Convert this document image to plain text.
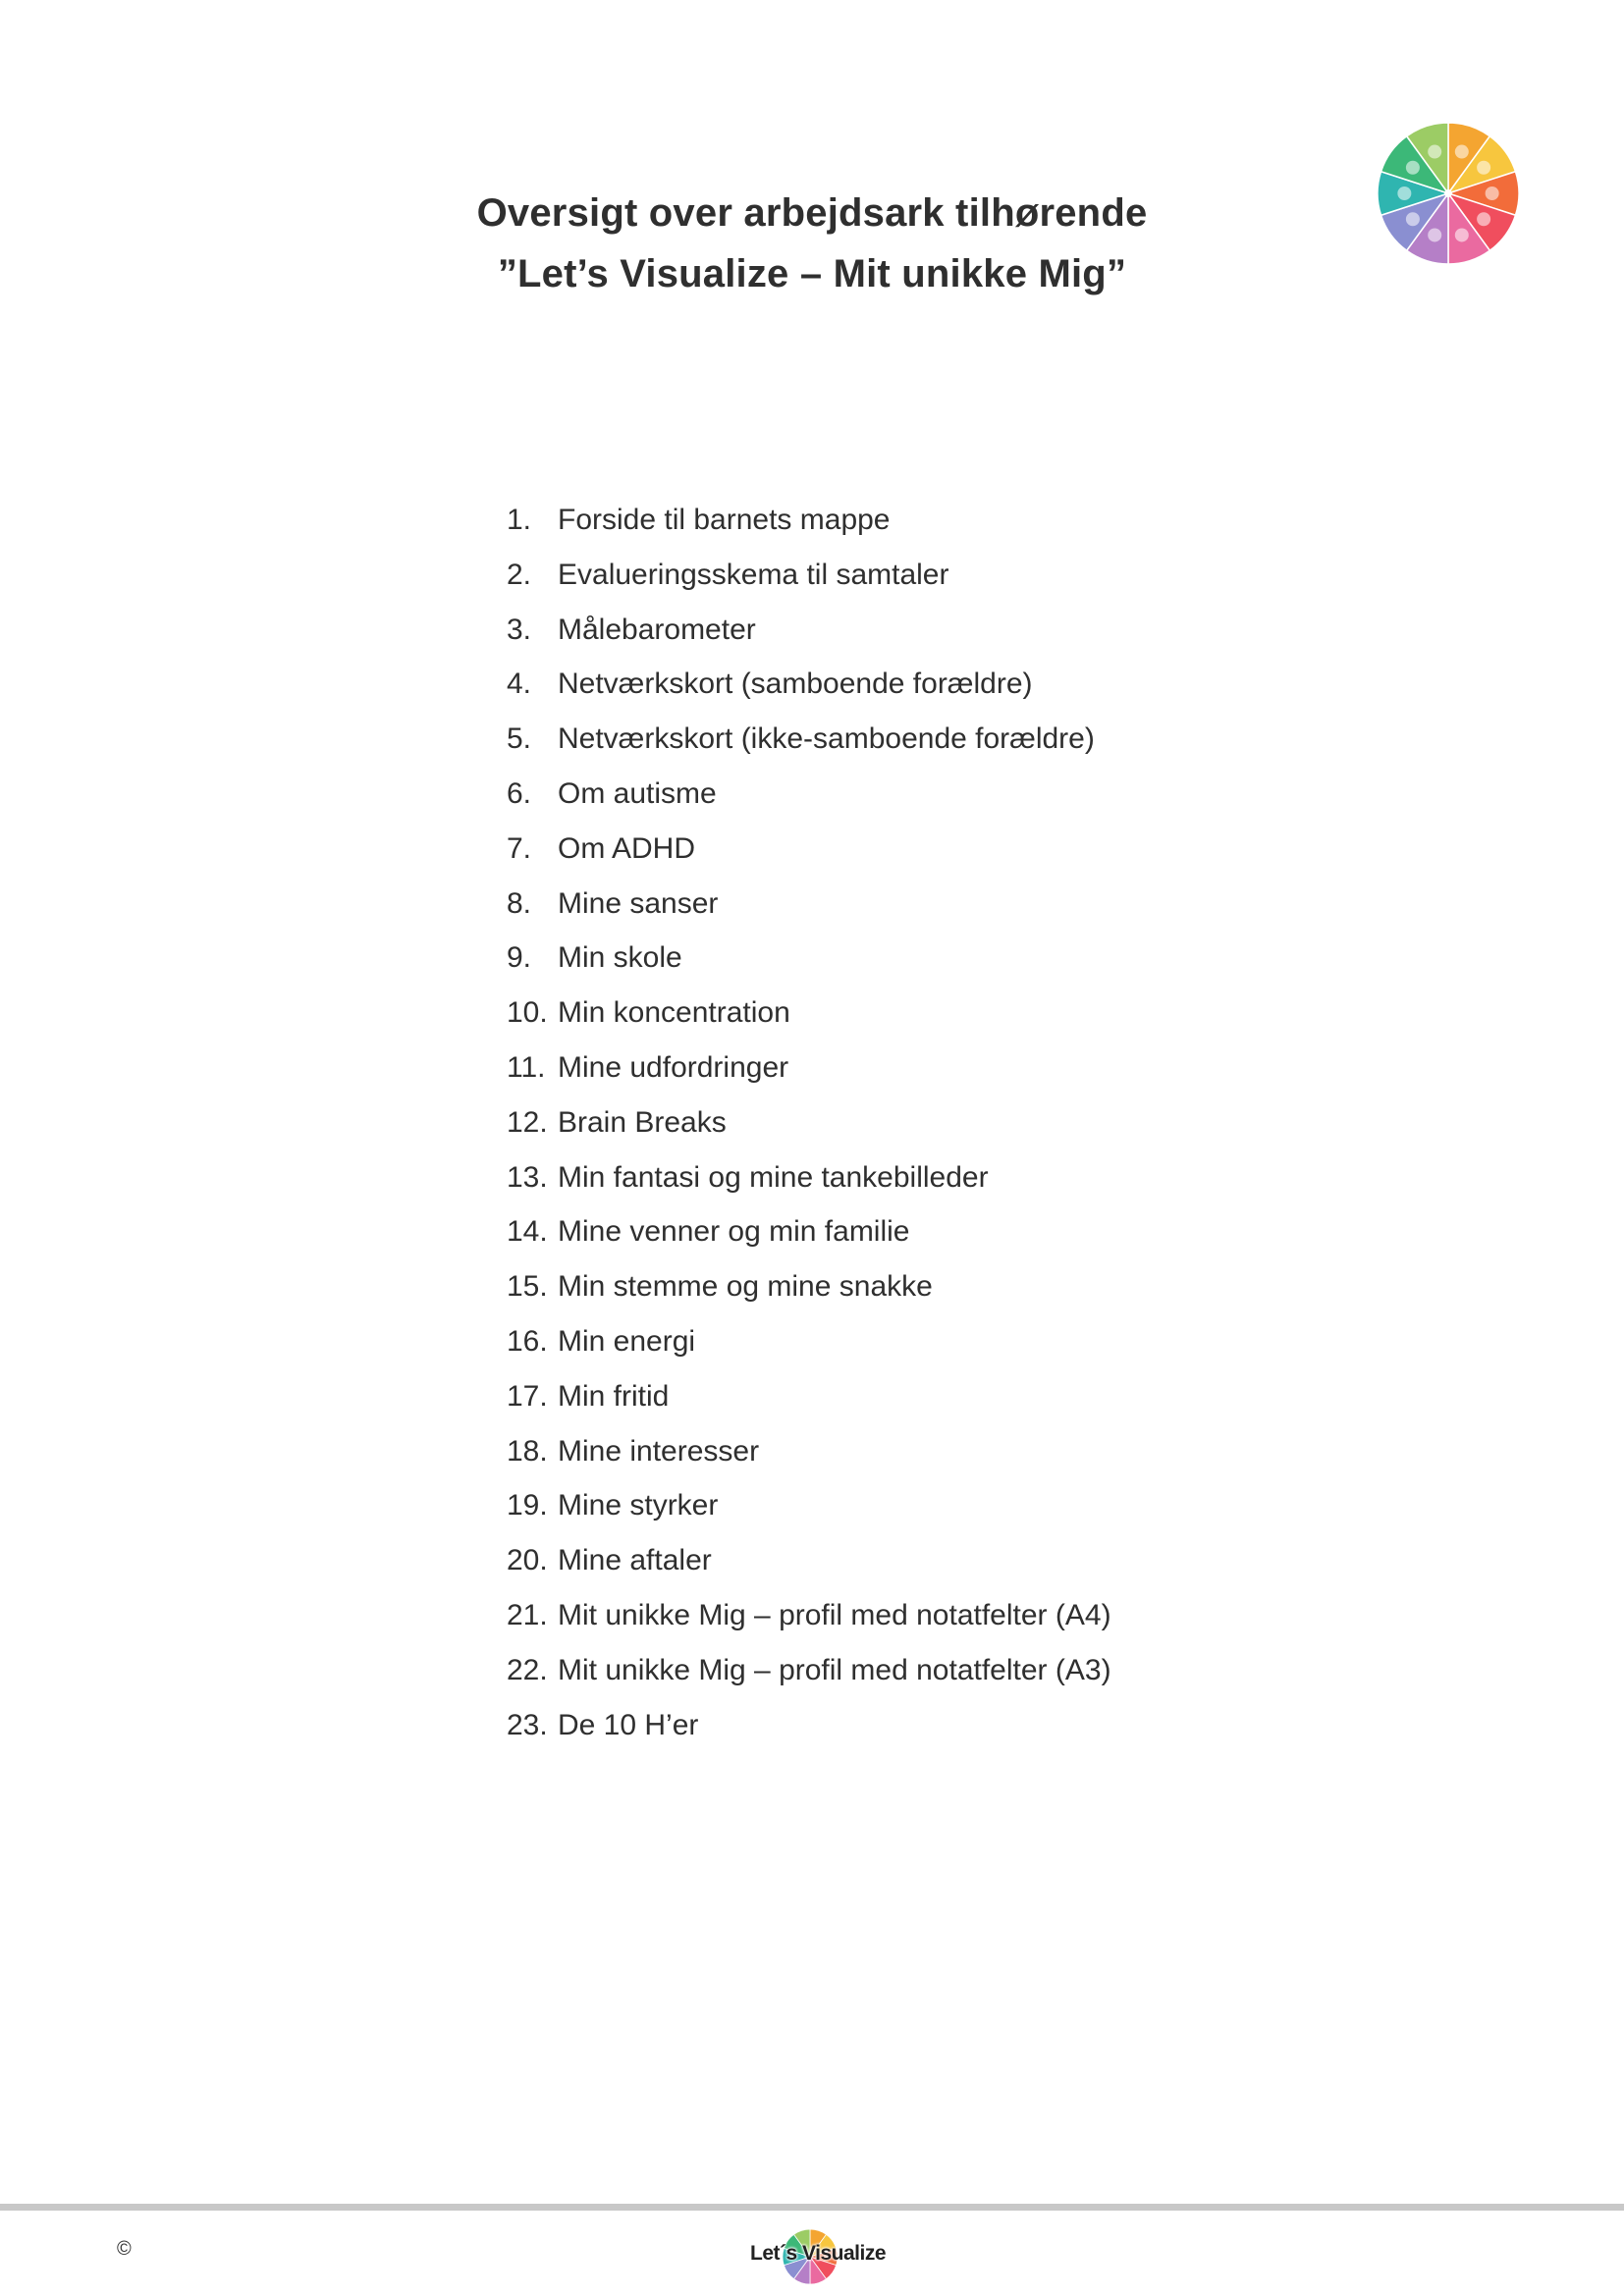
Oversigt over arbejdsark tilhørende
”Let’s Visualize – Mit unikke Mig”
1. Forside til barnets mappe
2. Evalueringsskema til samtaler
3. Målebarometer
4. Netværkskort (samboende forældre)
5. Netværkskort (ikke-samboende forældre)
6. Om autisme
7. Om ADHD
8. Mine sanser
9. Min skole
10. Min koncentration
11. Mine udfordringer
12. Brain Breaks
13. Min fantasi og mine tankebilleder
14. Mine venner og min familie
15. Min stemme og mine snakke
16. Min energi
17. Min fritid
18. Mine interesser
19. Mine styrker
20. Mine aftaler
21. Mit unikke Mig – profil med notatfelter (A4)
22. Mit unikke Mig – profil med notatfelter (A3)
23. De 10 H’er
©	Let´s Visualize
